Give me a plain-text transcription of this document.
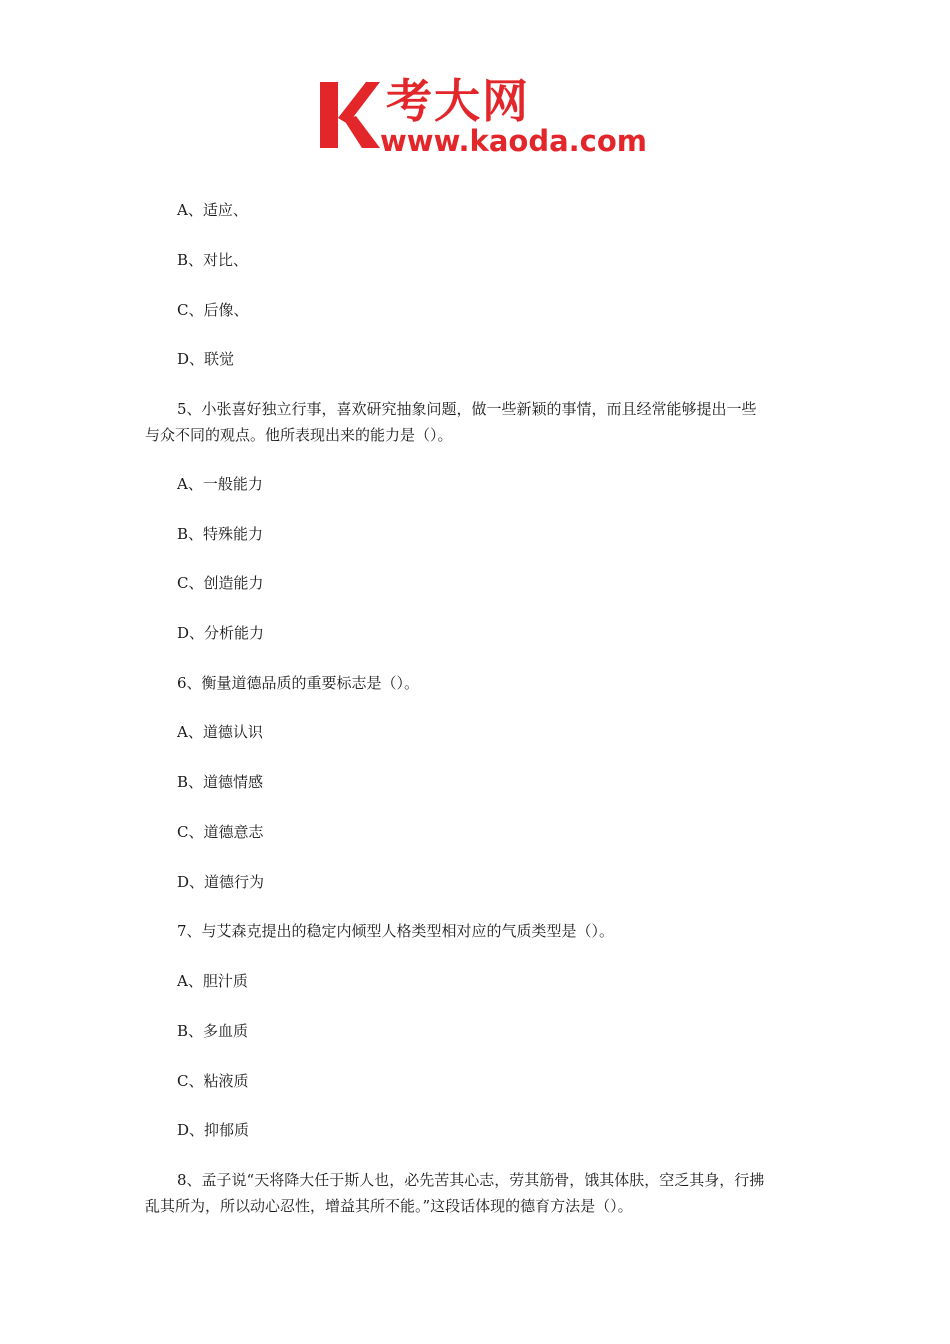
考大网
www.kaoda.com
A、适应、
B、对比、
C、后像、
D、联觉
5、小张喜好独立行事，喜欢研究抽象问题，做一些新颖的事情，而且经常能够提出一些
与众不同的观点。他所表现出来的能力是（）。
A、一般能力
B、特殊能力
C、创造能力
D、分析能力
6、衡量道德品质的重要标志是（）。
A、道德认识
B、道德情感
C、道德意志
D、道德行为
7、与艾森克提出的稳定内倾型人格类型相对应的气质类型是（）。
A、胆汁质
B、多血质
C、粘液质
D、抑郁质
8、孟子说“天将降大任于斯人也，必先苦其心志，劳其筋骨，饿其体肤，空乏其身，行拂
乱其所为，所以动心忍性，增益其所不能。”这段话体现的德育方法是（）。
